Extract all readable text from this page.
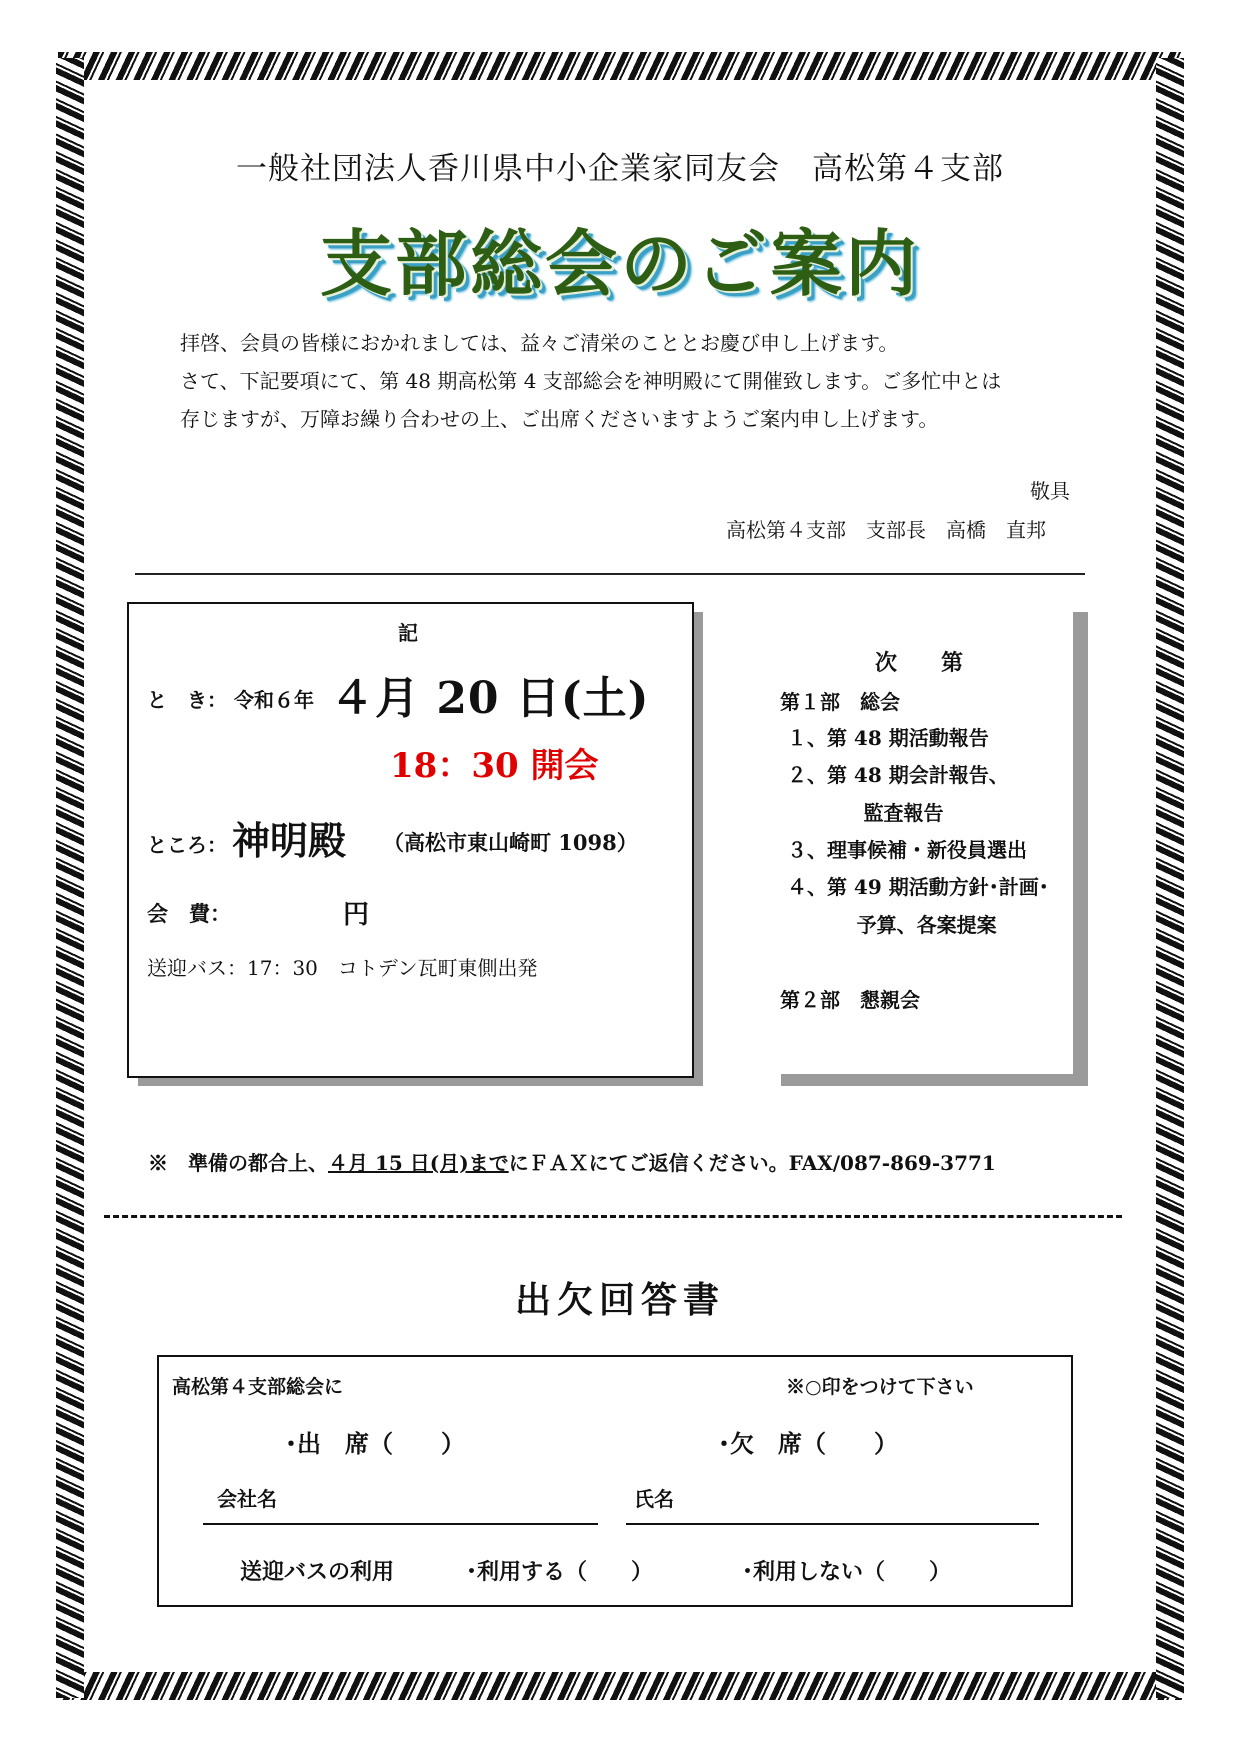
一般社団法人香川県中小企業家同友会　高松第４支部
支部総会のご案内

拝啓、会員の皆様におかれましては、益々ご清栄のこととお慶び申し上げます。

さて、下記要項にて、第 48 期高松第 4 支部総会を神明殿にて開催致します。ご多忙中とは

存じますが、万障お繰り合わせの上、ご出席くださいますようご案内申し上げます。

敬具
高松第４支部　支部長　高橋　直邦
記
と　き： 令和６年 ４月 20 日(土)
18：30 開会
ところ： 神明殿 （高松市東山崎町 1098）
会　費：	円
送迎バス：17：30　コトデン瓦町東側出発
次　　第
第１部　総会
１、第 48 期活動報告
２、第 48 期会計報告、
監査報告
３、理事候補・新役員選出
４、第 49 期活動方針･計画･
予算、各案提案
第２部　懇親会
※　準備の都合上、４月 15 日(月)までにＦＡＸにてご返信ください。FAX/087-869-3771
出欠回答書
高松第４支部総会に	※○印をつけて下さい
･出　席（　　）	･欠　席（　　）
会社名	氏名
送迎バスの利用	･利用する（　　）	･利用しない（　　）
